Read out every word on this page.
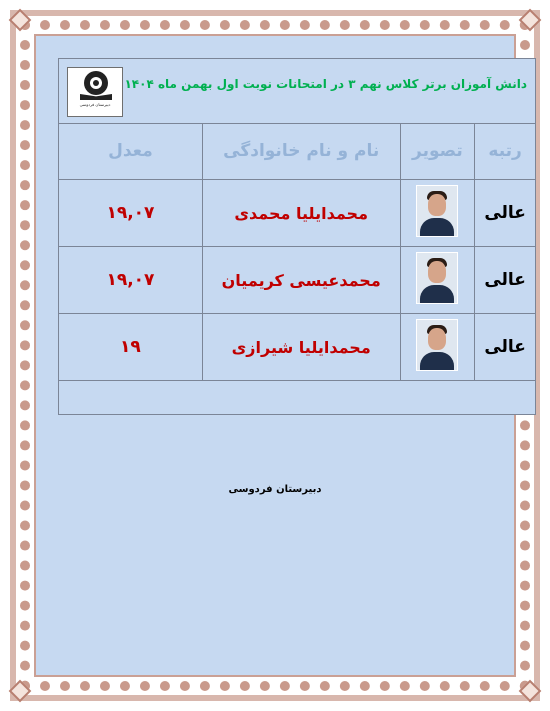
دبیرستان فردوسی
دانش آموزان برتر کلاس نهم ۳ در امتحانات نوبت اول بهمن ماه ۱۴۰۴
رتبه	تصویر	نام و نام خانوادگی	معدل
عالی		محمدایلیا محمدی	۱۹,۰۷
عالی		محمدعیسی کریمیان	۱۹,۰۷
عالی		محمدایلیا شیرازی	۱۹
دبیرستان فردوسی
